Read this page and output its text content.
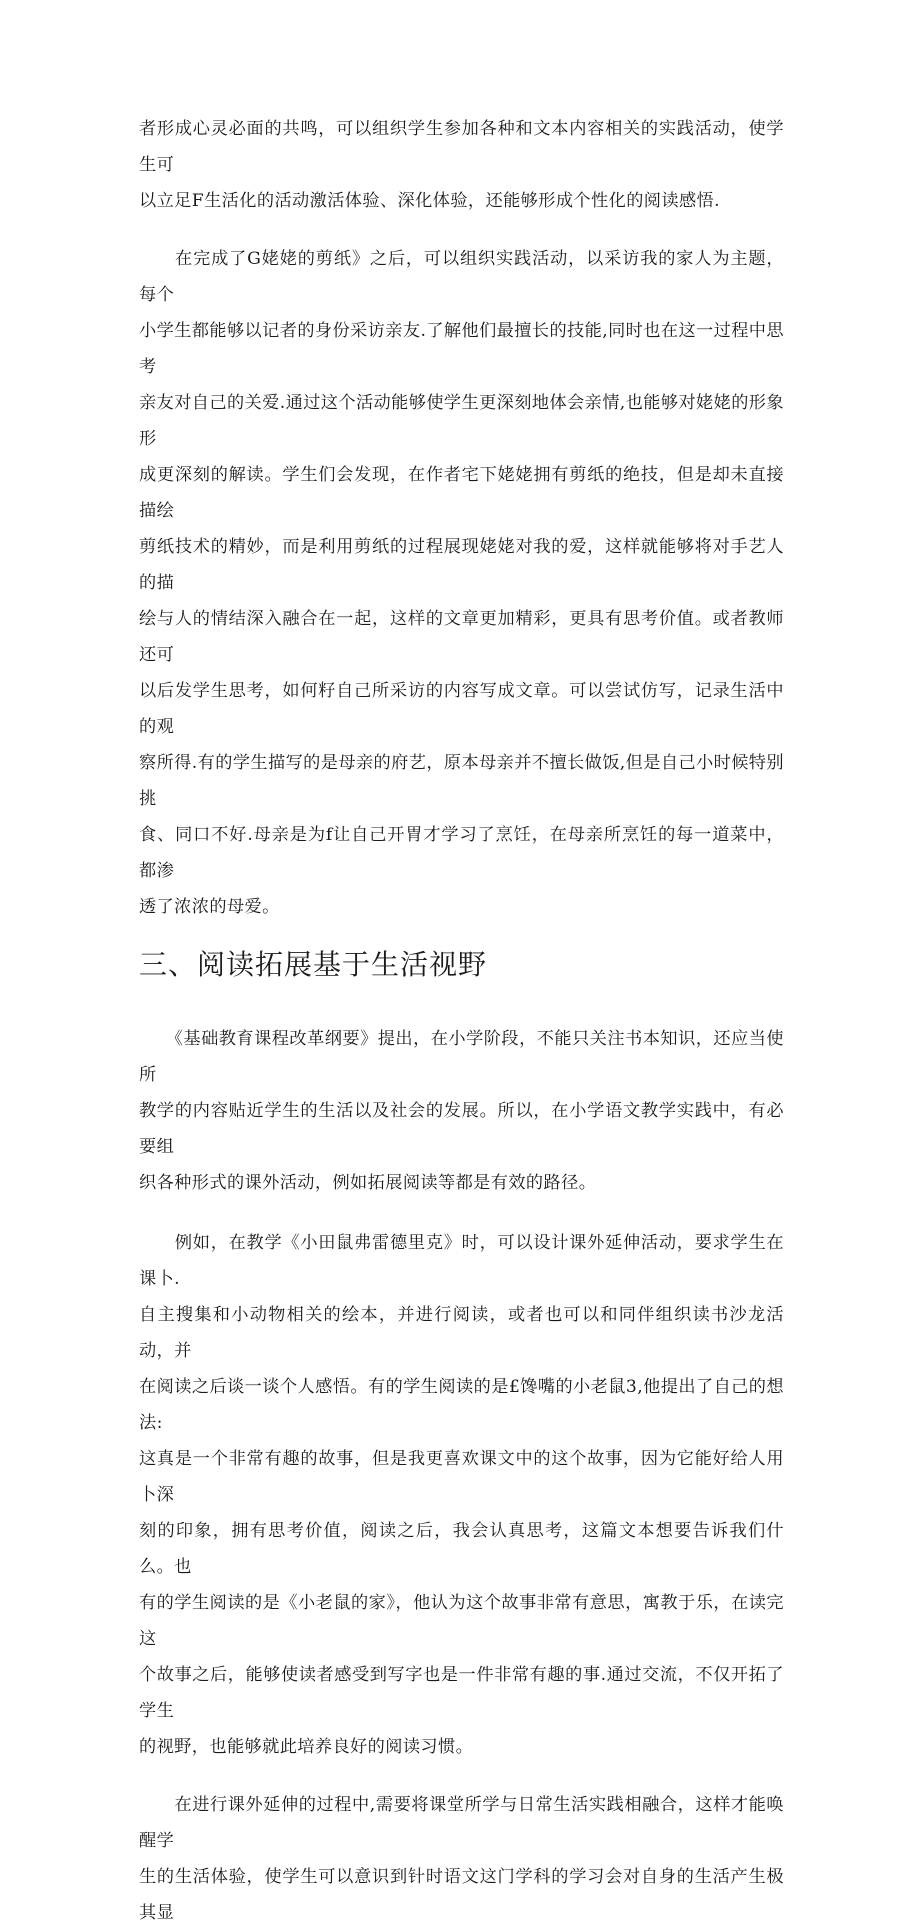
者形成心灵必面的共鸣，可以组织学生参加各种和文本内容相关的实践活动，使学生可
以立足F生活化的活动激活体验、深化体验，还能够形成个性化的阅读感悟.

　　在完成了G姥姥的剪纸》之后，可以组织实践活动，以采访我的家人为主题，每个
小学生都能够以记者的身份采访亲友.了解他们最擅长的技能,同时也在这一过程中思考
亲友对自己的关爱.通过这个活动能够使学生更深刻地体会亲情,也能够对姥姥的形象形
成更深刻的解读。学生们会发现，在作者宅下姥姥拥有剪纸的绝技，但是却未直接描绘
剪纸技术的精妙，而是利用剪纸的过程展现姥姥对我的爱，这样就能够将对手艺人的描
绘与人的情结深入融合在一起，这样的文章更加精彩，更具有思考价值。或者教师还可
以后发学生思考，如何籽自己所采访的内容写成文章。可以尝试仿写，记录生活中的观
察所得.有的学生描写的是母亲的府艺，原本母亲并不擅长做饭,但是自己小时候特别挑
食、同口不好.母亲是为f让自己开胃才学习了烹饪，在母亲所烹饪的每一道菜中，都渗
透了浓浓的母爱。

三、阅读拓展基于生活视野

　　《基础教育课程改革纲要》提出，在小学阶段，不能只关注书本知识，还应当使所
教学的内容贴近学生的生活以及社会的发展。所以，在小学语文教学实践中，有必要组
织各种形式的课外活动，例如拓展阅读等都是有效的路径。

　　例如，在教学《小田鼠弗雷德里克》时，可以设计课外延伸活动，要求学生在课卜.
自主搜集和小动物相关的绘本，并进行阅读，或者也可以和同伴组织读书沙龙活动，并
在阅读之后谈一谈个人感悟。有的学生阅读的是£馋嘴的小老鼠3,他提出了自己的想法:
这真是一个非常有趣的故事，但是我更喜欢课文中的这个故事，因为它能好给人用卜深
刻的印象，拥有思考价值，阅读之后，我会认真思考，这篇文本想要告诉我们什么。也
有的学生阅读的是《小老鼠的家》，他认为这个故事非常有意思，寓教于乐，在读完这
个故事之后，能够使读者感受到写字也是一件非常有趣的事.通过交流，不仅开拓了学生
的视野，也能够就此培养良好的阅读习惯。

　　在进行课外延伸的过程中,需要将课堂所学与日常生活实践相融合，这样才能唤醒学
生的生活体验，使学生可以意识到针时语文这门学科的学习会对自身的生活产生极其显
